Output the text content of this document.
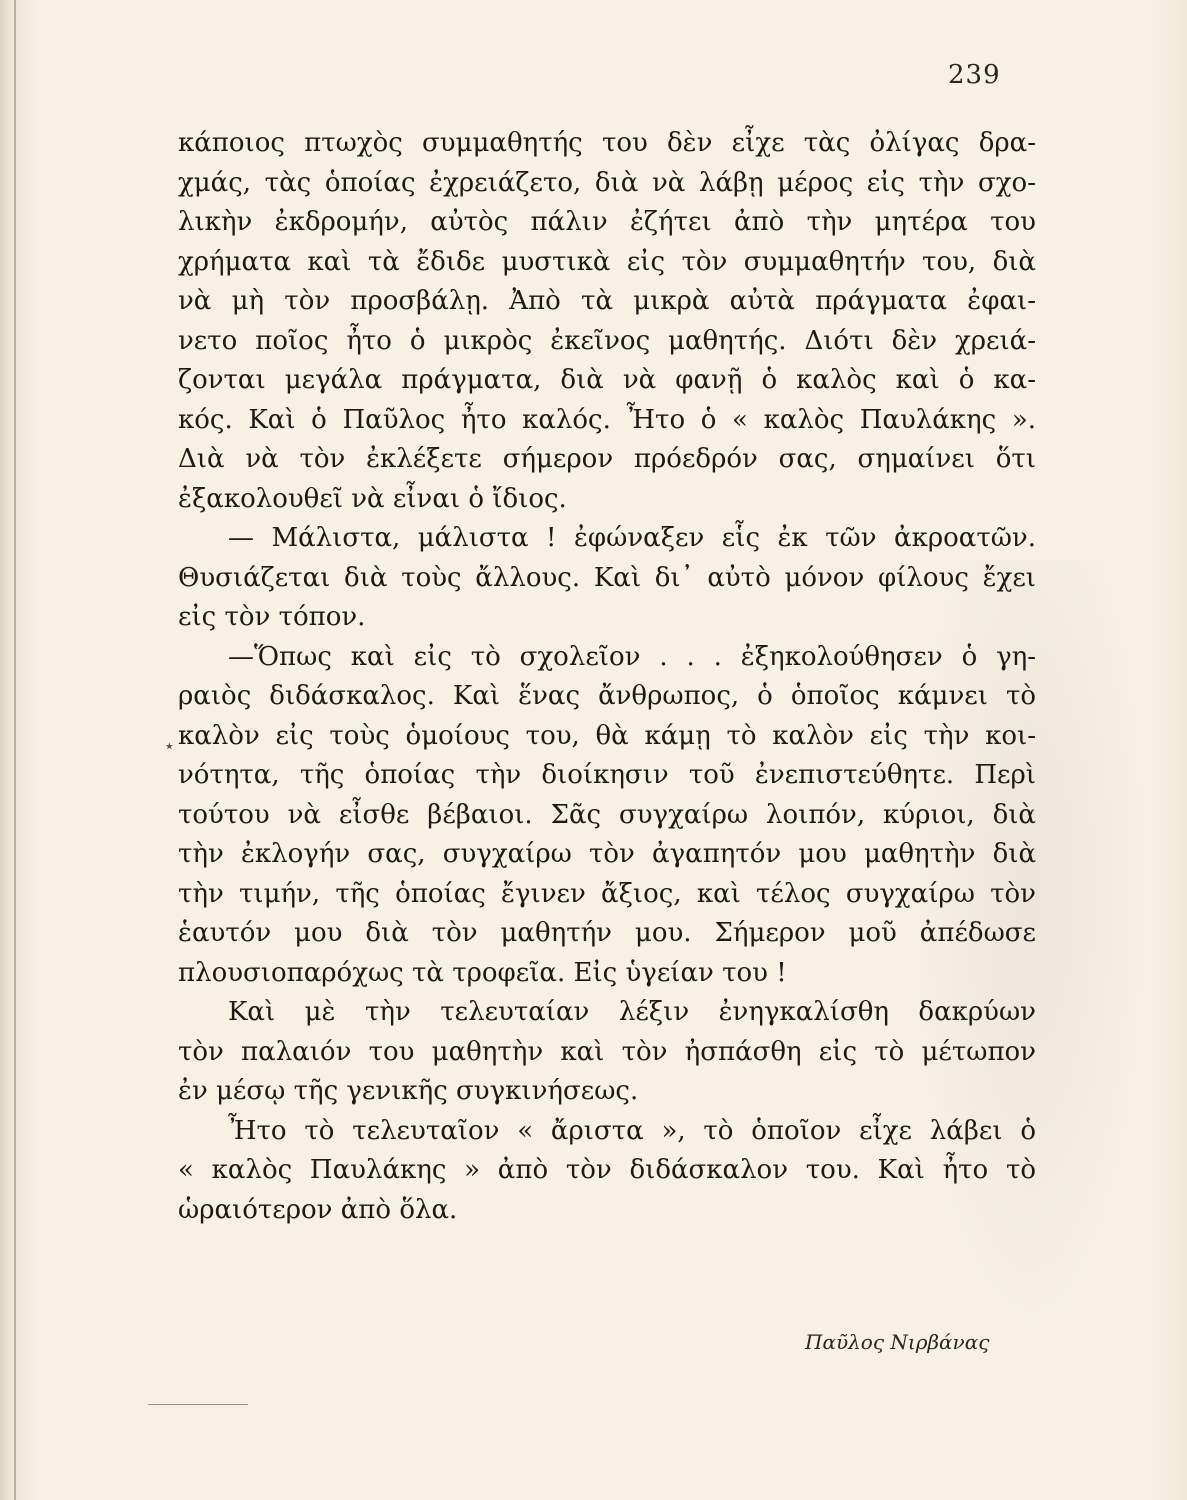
239
κάποιος πτωχὸς συμμαθητής του δὲν εἶχε τὰς ὀλίγας δρα-
χμάς, τὰς ὁποίας ἐχρειάζετο, διὰ νὰ λάβῃ μέρος εἰς τὴν σχο-
λικὴν ἐκδρομήν, αὐτὸς πάλιν ἐζήτει ἀπὸ τὴν μητέρα του
χρήματα καὶ τὰ ἔδιδε μυστικὰ εἰς τὸν συμμαθητήν του, διὰ
νὰ μὴ τὸν προσβάλῃ. Ἀπὸ τὰ μικρὰ αὐτὰ πράγματα ἐφαι-
νετο ποῖος ἦτο ὁ μικρὸς ἐκεῖνος μαθητής. Διότι δὲν χρειά-
ζονται μεγάλα πράγματα, διὰ νὰ φανῇ ὁ καλὸς καὶ ὁ κα-
κός. Καὶ ὁ Παῦλος ἦτο καλός. Ἦτο ὁ « καλὸς Παυλάκης ».
Διὰ νὰ τὸν ἐκλέξετε σήμερον πρόεδρόν σας, σημαίνει ὅτι
ἐξακολουθεῖ νὰ εἶναι ὁ ἴδιος.
— Μάλιστα, μάλιστα ! ἐφώναξεν εἷς ἐκ τῶν ἀκροατῶν.
Θυσιάζεται διὰ τοὺς ἄλλους. Καὶ δι᾽ αὐτὸ μόνον φίλους ἔχει
εἰς τὸν τόπον.
—Ὅπως καὶ εἰς τὸ σχολεῖον . . . ἐξηκολούθησεν ὁ γη-
ραιὸς διδάσκαλος. Καὶ ἕνας ἄνθρωπος, ὁ ὁποῖος κάμνει τὸ
καλὸν εἰς τοὺς ὁμοίους του, θὰ κάμῃ τὸ καλὸν εἰς τὴν κοι-
νότητα, τῆς ὁποίας τὴν διοίκησιν τοῦ ἐνεπιστεύθητε. Περὶ
τούτου νὰ εἶσθε βέβαιοι. Σᾶς συγχαίρω λοιπόν, κύριοι, διὰ
τὴν ἐκλογήν σας, συγχαίρω τὸν ἀγαπητόν μου μαθητὴν διὰ
τὴν τιμήν, τῆς ὁποίας ἔγινεν ἄξιος, καὶ τέλος συγχαίρω τὸν
ἑαυτόν μου διὰ τὸν μαθητήν μου. Σήμερον μοῦ ἀπέδωσε
πλουσιοπαρόχως τὰ τροφεῖα. Εἰς ὑγείαν του !
Καὶ μὲ τὴν τελευταίαν λέξιν ἐνηγκαλίσθη δακρύων
τὸν παλαιόν του μαθητὴν καὶ τὸν ἠσπάσθη εἰς τὸ μέτωπον
ἐν μέσῳ τῆς γενικῆς συγκινήσεως.
Ἦτο τὸ τελευταῖον « ἄριστα », τὸ ὁποῖον εἶχε λάβει ὁ
« καλὸς Παυλάκης » ἀπὸ τὸν διδάσκαλον του. Καὶ ἦτο τὸ
ὡραιότερον ἀπὸ ὅλα.
٭
Παῦλος Νιρβάνας
